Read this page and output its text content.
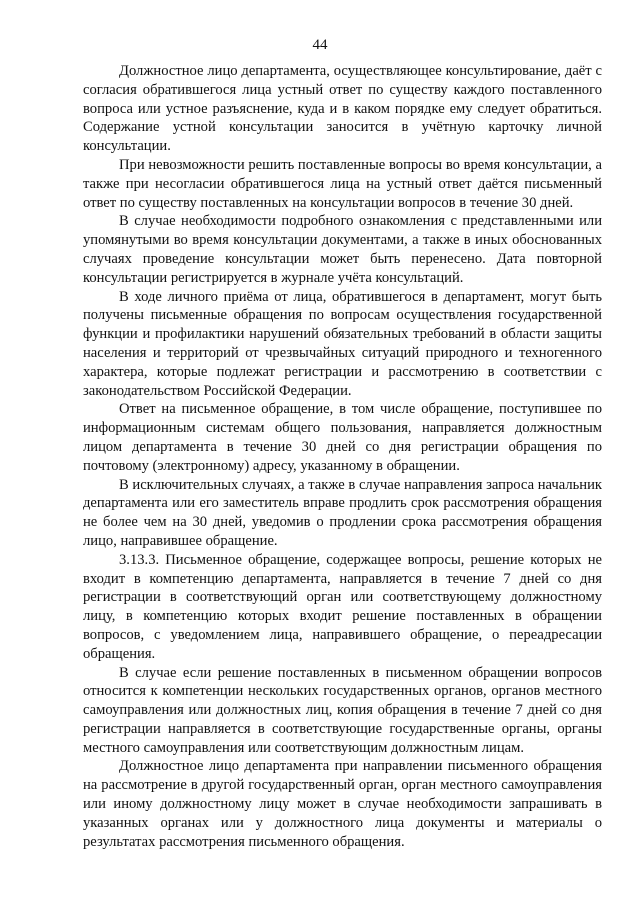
44

Должностное лицо департамента, осуществляющее консультирование, даёт с согласия обратившегося лица устный ответ по существу каждого поставленного вопроса или устное разъяснение, куда и в каком порядке ему следует обратиться. Содержание устной консультации заносится в учётную карточку личной консультации.

При невозможности решить поставленные вопросы во время консультации, а также при несогласии обратившегося лица на устный ответ даётся письменный ответ по существу поставленных на консультации вопросов в течение 30 дней.

В случае необходимости подробного ознакомления с представленными или упомянутыми во время консультации документами, а также в иных обоснованных случаях проведение консультации может быть перенесено. Дата повторной консультации регистрируется в журнале учёта консультаций.

В ходе личного приёма от лица, обратившегося в департамент, могут быть получены письменные обращения по вопросам осуществления государственной функции и профилактики нарушений обязательных требований в области защиты населения и территорий от чрезвычайных ситуаций природного и техногенного характера, которые подлежат регистрации и рассмотрению в соответствии с законодательством Российской Федерации.

Ответ на письменное обращение, в том числе обращение, поступившее по информационным системам общего пользования, направляется должностным лицом департамента в течение 30 дней со дня регистрации обращения по почтовому (электронному) адресу, указанному в обращении.

В исключительных случаях, а также в случае направления запроса начальник департамента или его заместитель вправе продлить срок рассмотрения обращения не более чем на 30 дней, уведомив о продлении срока рассмотрения обращения лицо, направившее обращение.

3.13.3. Письменное обращение, содержащее вопросы, решение которых не входит в компетенцию департамента, направляется в течение 7 дней со дня регистрации в соответствующий орган или соответствующему должностному лицу, в компетенцию которых входит решение поставленных в обращении вопросов, с уведомлением лица, направившего обращение, о переадресации обращения.

В случае если решение поставленных в письменном обращении вопросов относится к компетенции нескольких государственных органов, органов местного самоуправления или должностных лиц, копия обращения в течение 7 дней со дня регистрации направляется в соответствующие государственные органы, органы местного самоуправления или соответствующим должностным лицам.

Должностное лицо департамента при направлении письменного обращения на рассмотрение в другой государственный орган, орган местного самоуправления или иному должностному лицу может в случае необходимости запрашивать в указанных органах или у должностного лица документы и материалы о результатах рассмотрения письменного обращения.
